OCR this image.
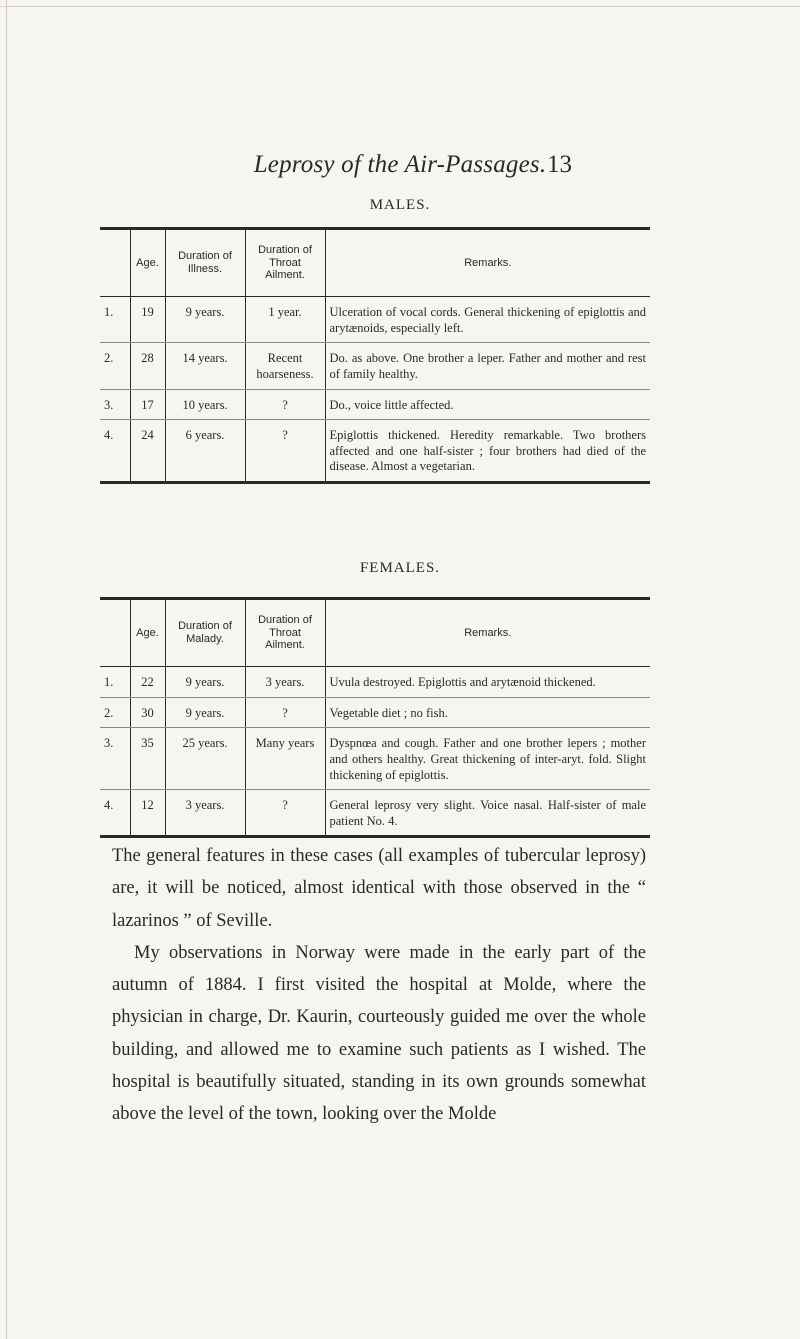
Leprosy of the Air-Passages. 13
MALES.
	Age.	Duration of Illness.	Duration of Throat Ailment.	Remarks.
1.	19	9 years.	1 year.	Ulceration of vocal cords. General thickening of epiglottis and arytænoids, especially left.
2.	28	14 years.	Recent hoarseness.	Do. as above. One brother a leper. Father and mother and rest of family healthy.
3.	17	10 years.	?	Do., voice little affected.
4.	24	6 years.	?	Epiglottis thickened. Heredity remarkable. Two brothers affected and one half-sister ; four brothers had died of the disease. Almost a vegetarian.
FEMALES.
	Age.	Duration of Malady.	Duration of Throat Ailment.	Remarks.
1.	22	9 years.	3 years.	Uvula destroyed. Epiglottis and arytænoid thickened.
2.	30	9 years.	?	Vegetable diet ; no fish.
3.	35	25 years.	Many years	Dyspnœa and cough. Father and one brother lepers ; mother and others healthy. Great thickening of inter-aryt. fold. Slight thickening of epiglottis.
4.	12	3 years.	?	General leprosy very slight. Voice nasal. Half-sister of male patient No. 4.

The general features in these cases (all examples of tubercular leprosy) are, it will be noticed, almost identical with those observed in the “ lazarinos ” of Seville.

My observations in Norway were made in the early part of the autumn of 1884. I first visited the hospital at Molde, where the physician in charge, Dr. Kaurin, courteously guided me over the whole building, and allowed me to examine such patients as I wished. The hospital is beautifully situated, standing in its own grounds somewhat above the level of the town, looking over the Molde
